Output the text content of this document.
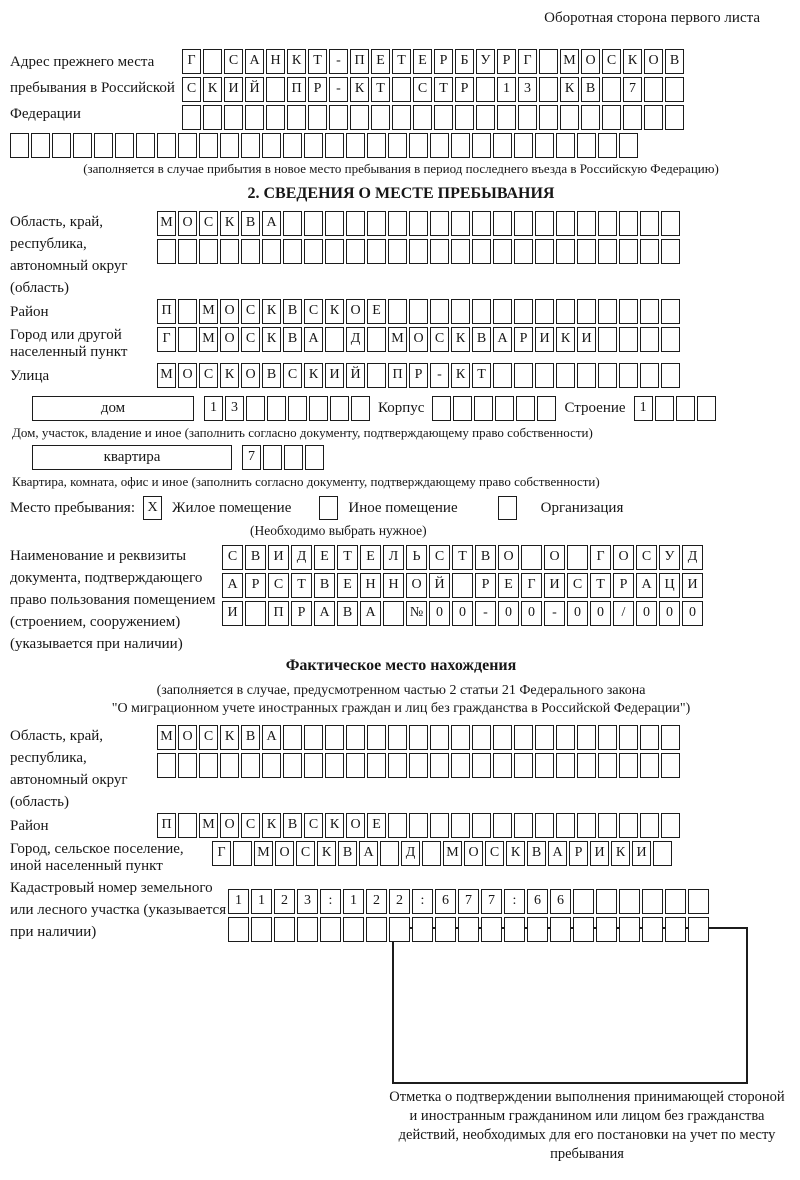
Оборотная сторона первого листа
Адрес прежнего места пребывания в Российской Федерации
Г	С А Н К Т	- П Е Т Е Р Б У Р Г	М О С К О В
С К И Й	П Р	-	К Т	С Т Р	1	3	К В	7
(заполняется в случае прибытия в новое место пребывания в период последнего въезда в Российскую Федерацию)
2. СВЕДЕНИЯ О МЕСТЕ ПРЕБЫВАНИЯ
Область, край, республика, автономный округ (область)
М О С К В А
Район	П	М О С К В С К О Е
Город или другой населенный пункт
Г	М О С К В А	Д	М О С К В А Р И К И
Улица	М О С К О В С К И Й	П Р	-	К Т
дом	1	3	Корпус	Строение	1
Дом, участок, владение и иное (заполнить согласно документу, подтверждающему право собственности)
квартира	7
Квартира, комната, офис и иное (заполнить согласно документу, подтверждающему право собственности)
Место пребывания: X Жилое помещение	Иное помещение	Организация
(Необходимо выбрать нужное)
Наименование и реквизиты документа, подтверждающего право пользования помещением (строением, сооружением) (указывается при наличии)
С В И Д Е	Т	Е Л	Ь	С	Т	В О	О	Г О С У Д
А	Р	С	Т	В	Е Н Н О Й	Р	Е	Г И С	Т	Р	А Ц И
И	П	Р	А В А	№ 0	0	-	0	0	-	0	0	/	0	0	0
Фактическое место нахождения
(заполняется в случае, предусмотренном частью 2 статьи 21 Федерального закона
"О миграционном учете иностранных граждан и лиц без гражданства в Российской Федерации")
Область, край, республика, автономный округ (область)
М О С К В А
Район	П	М О С К В С К О Е
Город, сельское поселение, иной населенный пункт
Г	М О С К В А	Д	М О С К В А Р И К И
Кадастровый номер земельного или лесного участка (указывается при наличии)
1	1	2	3	:	1	2	2	:	6	7	7	:	6	6
Отметка о подтверждении выполнения принимающей стороной и иностранным гражданином или лицом без гражданства действий, необходимых для его постановки на учет по месту пребывания
